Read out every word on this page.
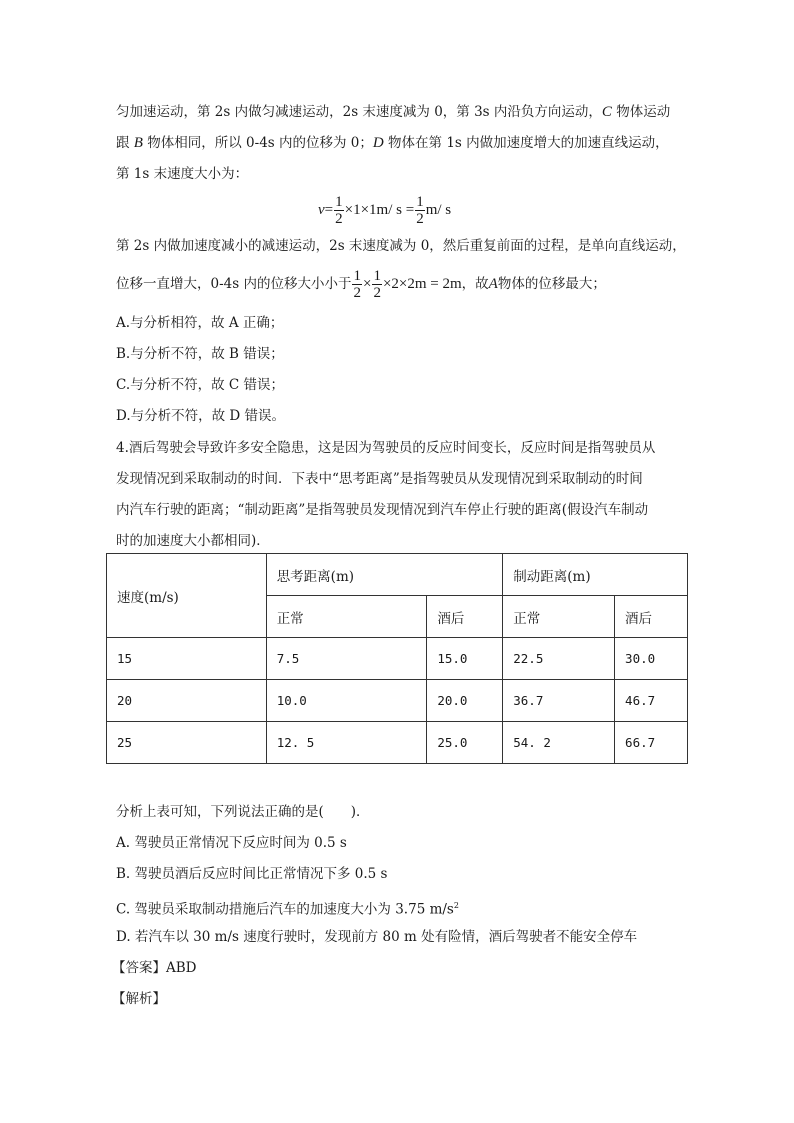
匀加速运动，第 2s 内做匀减速运动，2s 末速度减为 0，第 3s 内沿负方向运动，C 物体运动
跟 B 物体相同，所以 0-4s 内的位移为 0；D 物体在第 1s 内做加速度增大的加速直线运动，
第 1s 末速度大小为：
$v = \frac{1}{2} \times 1\times 1m/$ $s = \frac{1}{2} m/$ s
第 2s 内做加速度减小的减速运动，2s 末速度减为 0，然后重复前面的过程，是单向直线运动，
位移一直增大，0-4s 内的位移大小小于 $\frac{1}{2} \times \frac{1}{2} \times 2\times 2m = 2m$ ，故 A 物体的位移最大；
A.与分析相符，故 A 正确；
B.与分析不符，故 B 错误；
C.与分析不符，故 C 错误；
D.与分析不符，故 D 错误。
4.酒后驾驶会导致许多安全隐患，这是因为驾驶员的反应时间变长，反应时间是指驾驶员从
发现情况到采取制动的时间．下表中“思考距离”是指驾驶员从发现情况到采取制动的时间
内汽车行驶的距离；“制动距离”是指驾驶员发现情况到汽车停止行驶的距离(假设汽车制动
时的加速度大小都相同)．
速度(m/s)	思考距离(m)		制动距离(m)	
	正常	酒后	正常	酒后
15	7.5	15.0	22.5	30.0
20	10.0	20.0	36.7	46.7
25	12. 5	25.0	54. 2	66.7
分析上表可知，下列说法正确的是(　　)．
A. 驾驶员正常情况下反应时间为 0.5 s
B. 驾驶员酒后反应时间比正常情况下多 0.5 s
C. 驾驶员采取制动措施后汽车的加速度大小为 3.75 $m/s^2$
D. 若汽车以 30 m/s 速度行驶时，发现前方 80 m 处有险情，酒后驾驶者不能安全停车
【答案】ABD
【解析】
